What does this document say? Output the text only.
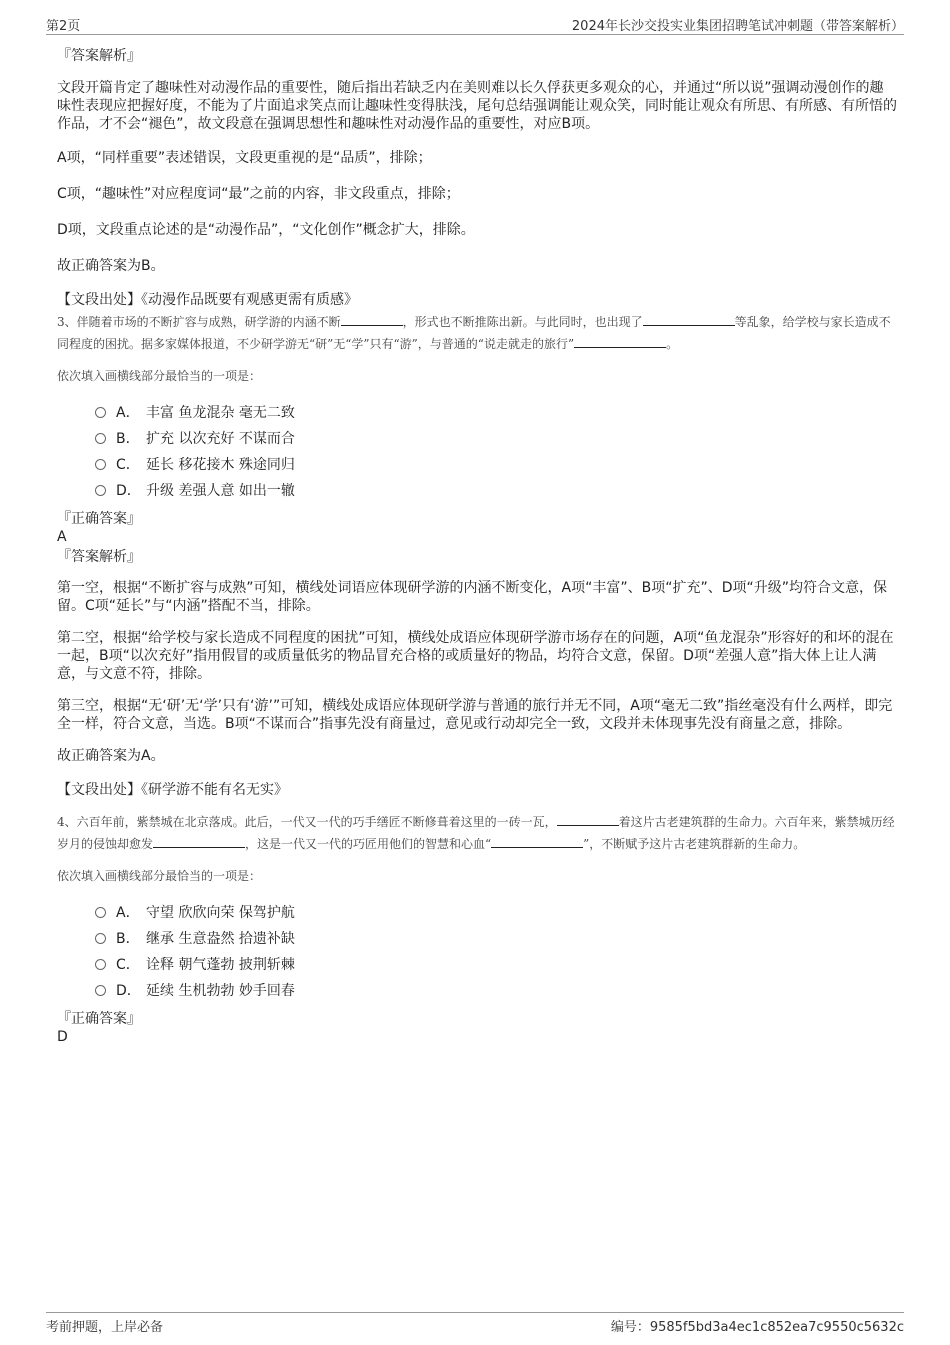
第2页	2024年长沙交投实业集团招聘笔试冲刺题（带答案解析）

『答案解析』

文段开篇肯定了趣味性对动漫作品的重要性，随后指出若缺乏内在美则难以长久俘获更多观众的心，并通过“所以说”强调动漫创作的趣味性表现应把握好度，不能为了片面追求笑点而让趣味性变得肤浅，尾句总结强调能让观众笑，同时能让观众有所思、有所感、有所悟的作品，才不会“褪色”，故文段意在强调思想性和趣味性对动漫作品的重要性，对应B项。

A项，“同样重要”表述错误，文段更重视的是“品质”，排除；

C项，“趣味性”对应程度词“最”之前的内容，非文段重点，排除；

D项，文段重点论述的是“动漫作品”，“文化创作”概念扩大，排除。

故正确答案为B。

【文段出处】《动漫作品既要有观感更需有质感》

3、伴随着市场的不断扩容与成熟，研学游的内涵不断	，形式也不断推陈出新。与此同时，也出现了	等乱象，给学校与家长造成不同程度的困扰。据多家媒体报道，不少研学游无“研”无“学”只有“游”，与普通的“说走就走的旅行”	。

依次填入画横线部分最恰当的一项是：

A． 丰富 鱼龙混杂 毫无二致
B． 扩充 以次充好 不谋而合
C． 延长 移花接木 殊途同归
D． 升级 差强人意 如出一辙

『正确答案』

A

『答案解析』

第一空，根据“不断扩容与成熟”可知，横线处词语应体现研学游的内涵不断变化，A项“丰富”、B项“扩充”、D项“升级”均符合文意，保留。C项“延长”与“内涵”搭配不当，排除。

第二空，根据“给学校与家长造成不同程度的困扰”可知，横线处成语应体现研学游市场存在的问题，A项“鱼龙混杂”形容好的和坏的混在一起，B项“以次充好”指用假冒的或质量低劣的物品冒充合格的或质量好的物品，均符合文意，保留。D项“差强人意”指大体上让人满意，与文意不符，排除。

第三空，根据“无‘研’无‘学’只有‘游’”可知，横线处成语应体现研学游与普通的旅行并无不同，A项“毫无二致”指丝毫没有什么两样，即完全一样，符合文意，当选。B项“不谋而合”指事先没有商量过，意见或行动却完全一致，文段并未体现事先没有商量之意，排除。

故正确答案为A。

【文段出处】《研学游不能有名无实》

4、六百年前，紫禁城在北京落成。此后，一代又一代的巧手缮匠不断修葺着这里的一砖一瓦，	着这片古老建筑群的生命力。六百年来，紫禁城历经岁月的侵蚀却愈发	，这是一代又一代的巧匠用他们的智慧和心血“	”，不断赋予这片古老建筑群新的生命力。

依次填入画横线部分最恰当的一项是：

A． 守望 欣欣向荣 保驾护航
B． 继承 生意盎然 拾遗补缺
C． 诠释 朝气蓬勃 披荆斩棘
D． 延续 生机勃勃 妙手回春

『正确答案』

D

考前押题，上岸必备	编号：9585f5bd3a4ec1c852ea7c9550c5632c
